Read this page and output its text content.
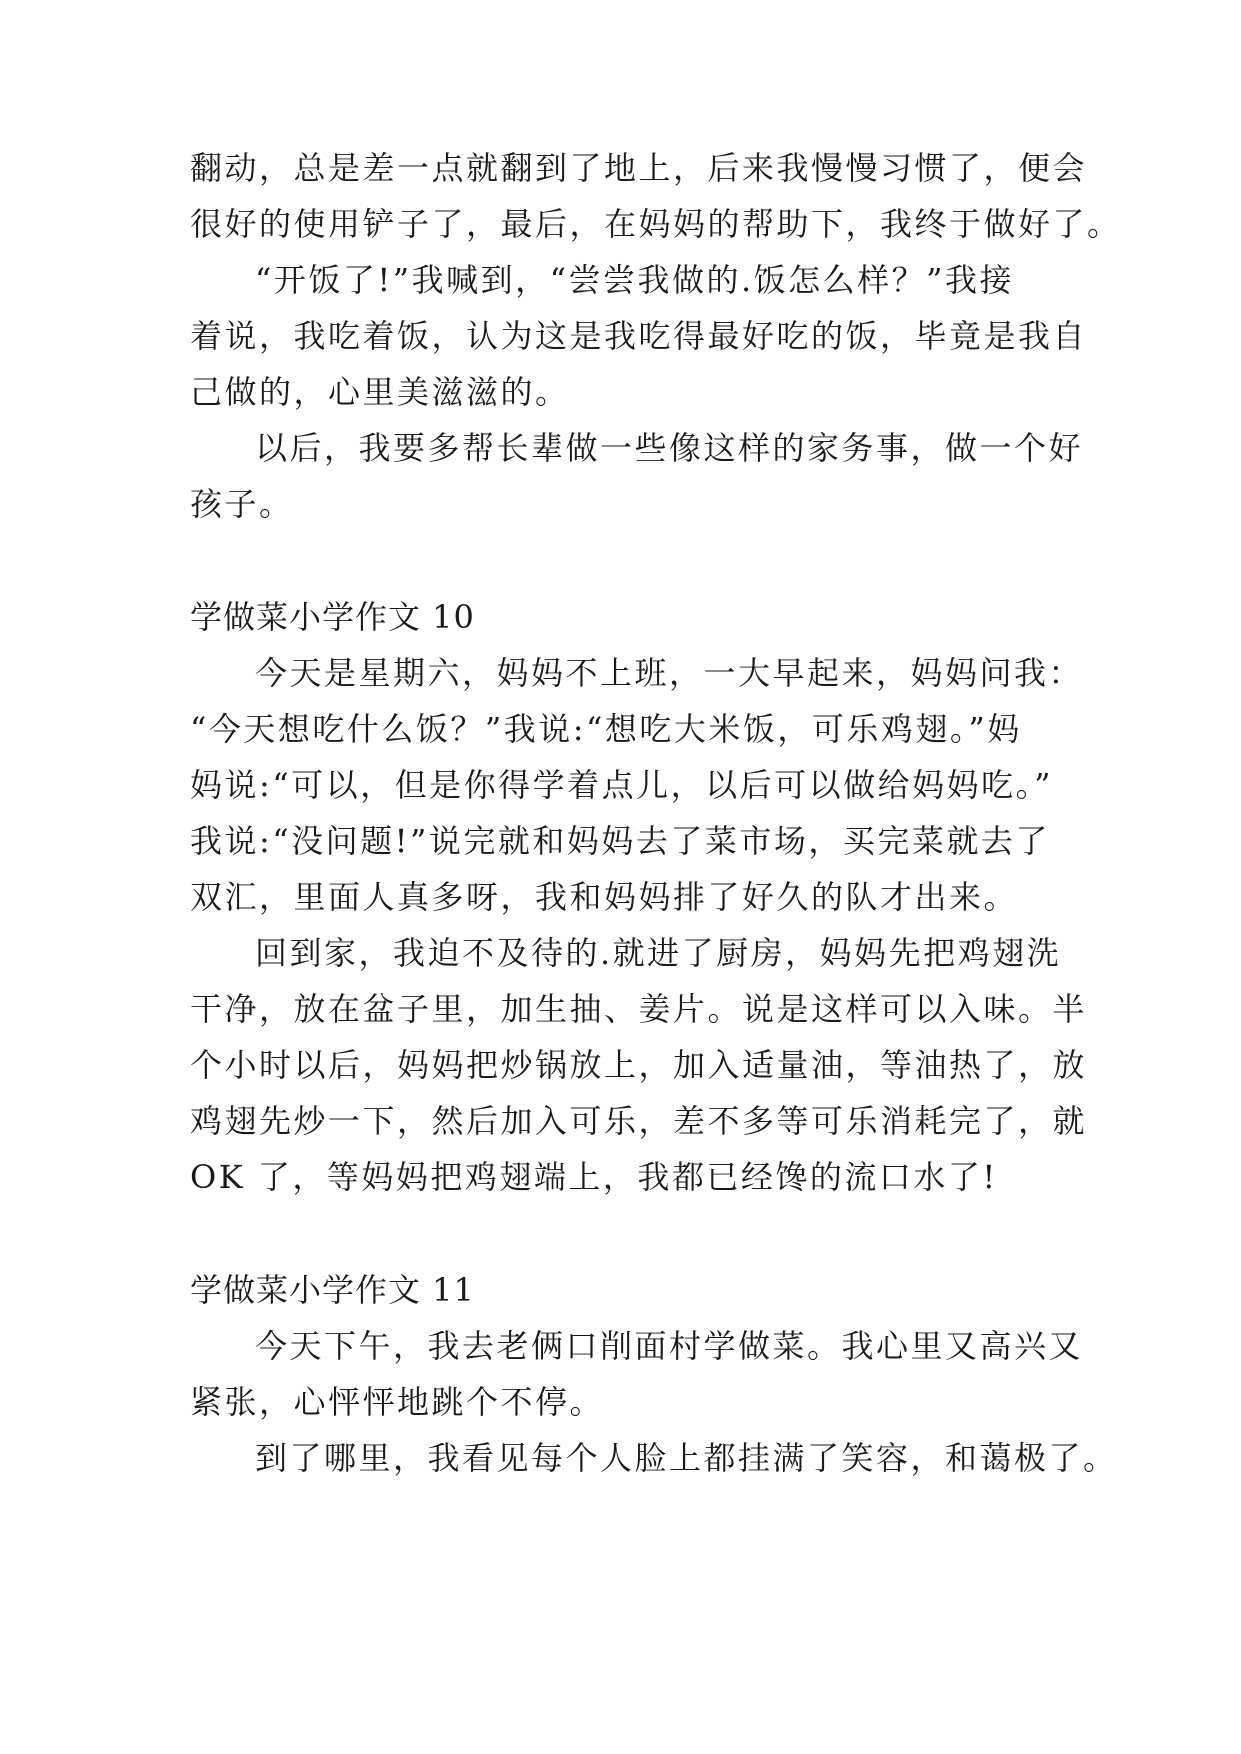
翻动，总是差一点就翻到了地上，后来我慢慢习惯了，便会
很好的使用铲子了，最后，在妈妈的帮助下，我终于做好了。
“开饭了!”我喊到，“尝尝我做的.饭怎么样？”我接
着说，我吃着饭，认为这是我吃得最好吃的饭，毕竟是我自
己做的，心里美滋滋的。
以后，我要多帮长辈做一些像这样的家务事，做一个好
孩子。
学做菜小学作文 10
今天是星期六，妈妈不上班，一大早起来，妈妈问我：
“今天想吃什么饭？”我说:“想吃大米饭，可乐鸡翅。”妈
妈说:“可以，但是你得学着点儿，以后可以做给妈妈吃。”
我说:“没问题!”说完就和妈妈去了菜市场，买完菜就去了
双汇，里面人真多呀，我和妈妈排了好久的队才出来。
回到家，我迫不及待的.就进了厨房，妈妈先把鸡翅洗
干净，放在盆子里，加生抽、姜片。说是这样可以入味。半
个小时以后，妈妈把炒锅放上，加入适量油，等油热了，放
鸡翅先炒一下，然后加入可乐，差不多等可乐消耗完了，就
OK 了，等妈妈把鸡翅端上，我都已经馋的流口水了!
学做菜小学作文 11
今天下午，我去老俩口削面村学做菜。我心里又高兴又
紧张，心怦怦地跳个不停。
到了哪里，我看见每个人脸上都挂满了笑容，和蔼极了。
